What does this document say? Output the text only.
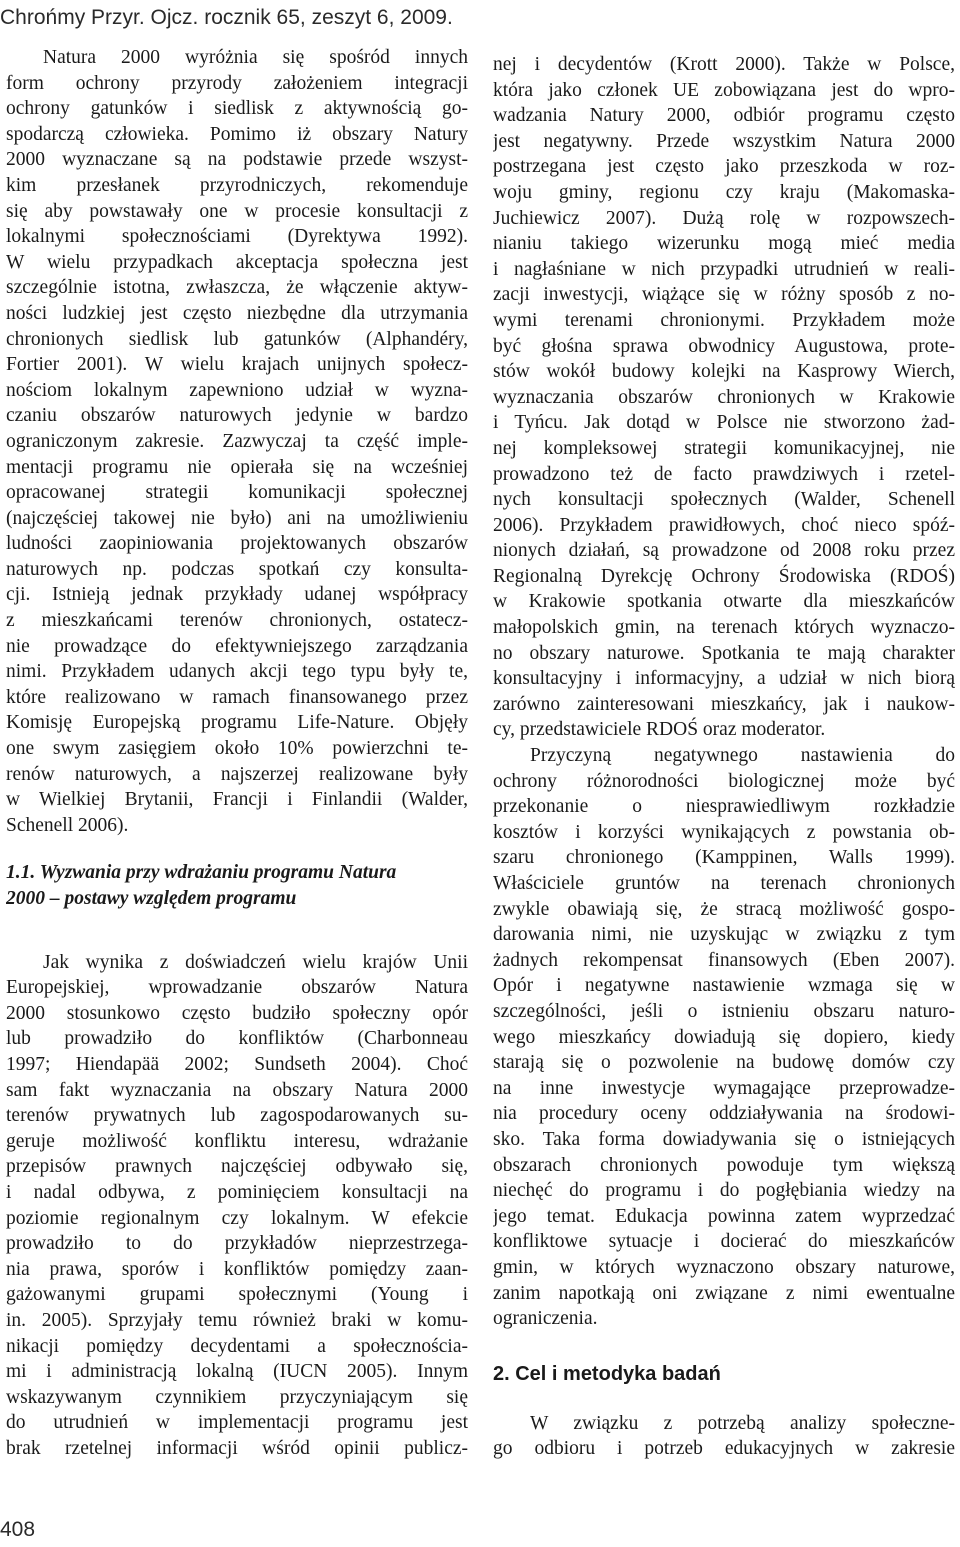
Chrońmy Przyr. Ojcz. rocznik 65, zeszyt 6, 2009.
Natura 2000 wyróżnia się spośród innych
form ochrony przyrody założeniem integracji
ochrony gatunków i siedlisk z aktywnością go-
spodarczą człowieka. Pomimo iż obszary Natury
2000 wyznaczane są na podstawie przede wszyst-
kim przesłanek przyrodniczych, rekomenduje
się aby powstawały one w procesie konsultacji z
lokalnymi społecznościami (Dyrektywa 1992).
W wielu przypadkach akceptacja społeczna jest
szczególnie istotna, zwłaszcza, że włączenie aktyw-
ności ludzkiej jest często niezbędne dla utrzymania
chronionych siedlisk lub gatunków (Alphandéry,
Fortier 2001). W wielu krajach unijnych społecz-
nościom lokalnym zapewniono udział w wyzna-
czaniu obszarów naturowych jedynie w bardzo
ograniczonym zakresie. Zazwyczaj ta część imple-
mentacji programu nie opierała się na wcześniej
opracowanej strategii komunikacji społecznej
(najczęściej takowej nie było) ani na umożliwieniu
ludności zaopiniowania projektowanych obszarów
naturowych np. podczas spotkań czy konsulta-
cji. Istnieją jednak przykłady udanej współpracy
z mieszkańcami terenów chronionych, ostatecz-
nie prowadzące do efektywniejszego zarządzania
nimi. Przykładem udanych akcji tego typu były te,
które realizowano w ramach finansowanego przez
Komisję Europejską programu Life-Nature. Objęły
one swym zasięgiem około 10% powierzchni te-
renów naturowych, a najszerzej realizowane były
w Wielkiej Brytanii, Francji i Finlandii (Walder,
Schenell 2006).
1.1. Wyzwania przy wdrażaniu programu Natura
2000 – postawy względem programu
Jak wynika z doświadczeń wielu krajów Unii
Europejskiej, wprowadzanie obszarów Natura
2000 stosunkowo często budziło społeczny opór
lub prowadziło do konfliktów (Charbonneau
1997; Hiendapää 2002; Sundseth 2004). Choć
sam fakt wyznaczania na obszary Natura 2000
terenów prywatnych lub zagospodarowanych su-
geruje możliwość konfliktu interesu, wdrażanie
przepisów prawnych najczęściej odbywało się,
i nadal odbywa, z pominięciem konsultacji na
poziomie regionalnym czy lokalnym. W efekcie
prowadziło to do przykładów nieprzestrzega-
nia prawa, sporów i konfliktów pomiędzy zaan-
gażowanymi grupami społecznymi (Young i
in. 2005). Sprzyjały temu również braki w komu-
nikacji pomiędzy decydentami a społecznościa-
mi i administracją lokalną (IUCN 2005). Innym
wskazywanym czynnikiem przyczyniającym się
do utrudnień w implementacji programu jest
brak rzetelnej informacji wśród opinii publicz-
nej i decydentów (Krott 2000). Także w Polsce,
która jako członek UE zobowiązana jest do wpro-
wadzania Natury 2000, odbiór programu często
jest negatywny. Przede wszystkim Natura 2000
postrzegana jest często jako przeszkoda w roz-
woju gminy, regionu czy kraju (Makomaska-
Juchiewicz 2007). Dużą rolę w rozpowszech-
nianiu takiego wizerunku mogą mieć media
i nagłaśniane w nich przypadki utrudnień w reali-
zacji inwestycji, wiążące się w różny sposób z no-
wymi terenami chronionymi. Przykładem może
być głośna sprawa obwodnicy Augustowa, prote-
stów wokół budowy kolejki na Kasprowy Wierch,
wyznaczania obszarów chronionych w Krakowie
i Tyńcu. Jak dotąd w Polsce nie stworzono żad-
nej kompleksowej strategii komunikacyjnej, nie
prowadzono też de facto prawdziwych i rzetel-
nych konsultacji społecznych (Walder, Schenell
2006). Przykładem prawidłowych, choć nieco spóź-
nionych działań, są prowadzone od 2008 roku przez
Regionalną Dyrekcję Ochrony Środowiska (RDOŚ)
w Krakowie spotkania otwarte dla mieszkańców
małopolskich gmin, na terenach których wyznaczo-
no obszary naturowe. Spotkania te mają charakter
konsultacyjny i informacyjny, a udział w nich biorą
zarówno zainteresowani mieszkańcy, jak i naukow-
cy, przedstawiciele RDOŚ oraz moderator.
Przyczyną negatywnego nastawienia do
ochrony różnorodności biologicznej może być
przekonanie o niesprawiedliwym rozkładzie
kosztów i korzyści wynikających z powstania ob-
szaru chronionego (Kamppinen, Walls 1999).
Właściciele gruntów na terenach chronionych
zwykle obawiają się, że stracą możliwość gospo-
darowania nimi, nie uzyskując w związku z tym
żadnych rekompensat finansowych (Eben 2007).
Opór i negatywne nastawienie wzmaga się w
szczególności, jeśli o istnieniu obszaru naturo-
wego mieszkańcy dowiadują się dopiero, kiedy
starają się o pozwolenie na budowę domów czy
na inne inwestycje wymagające przeprowadze-
nia procedury oceny oddziaływania na środowi-
sko. Taka forma dowiadywania się o istniejących
obszarach chronionych powoduje tym większą
niechęć do programu i do pogłębiania wiedzy na
jego temat. Edukacja powinna zatem wyprzedzać
konfliktowe sytuacje i docierać do mieszkańców
gmin, w których wyznaczono obszary naturowe,
zanim napotkają oni związane z nimi ewentualne
ograniczenia.
2. Cel i metodyka badań
W związku z potrzebą analizy społeczne-
go odbioru i potrzeb edukacyjnych w zakresie
408
